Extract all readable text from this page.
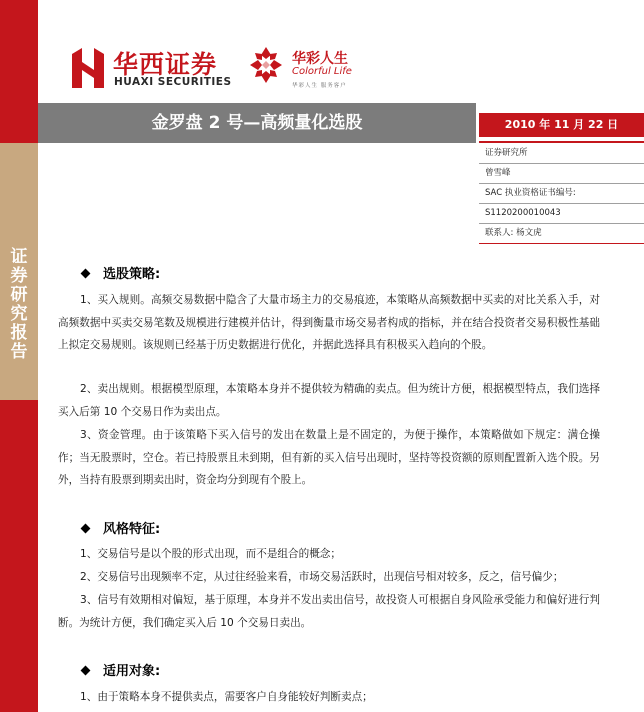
证
券
研
究
报
告
华西证券
HUAXI SECURITIES
华彩人生
Colorful Life
华彩人生 服务客户
金罗盘 2 号—高频量化选股	2010 年 11 月 22 日
证券研究所
曾雪峰
SAC 执业资格证书编号:
S1120200010043
联系人: 杨文虎
选股策略:
1、买入规则。高频交易数据中隐含了大量市场主力的交易痕迹，本策略从高频数据中买卖的对比关系入手，对高频数据中买卖交易笔数及规模进行建模并估计，得到衡量市场交易者构成的指标，并在结合投资者交易积极性基础上拟定交易规则。该规则已经基于历史数据进行优化，并据此选择具有积极买入趋向的个股。
2、卖出规则。根据模型原理，本策略本身并不提供较为精确的卖点。但为统计方便，根据模型特点，我们选择买入后第 10 个交易日作为卖出点。
3、资金管理。由于该策略下买入信号的发出在数量上是不固定的，为便于操作，本策略做如下规定：满仓操作；当无股票时，空仓。若已持股票且未到期，但有新的买入信号出现时，坚持等投资额的原则配置新入选个股。另外，当持有股票到期卖出时，资金均分到现有个股上。
风格特征:
1、交易信号是以个股的形式出现，而不是组合的概念；
2、交易信号出现频率不定，从过往经验来看，市场交易活跃时，出现信号相对较多，反之，信号偏少；
3、信号有效期相对偏短，基于原理，本身并不发出卖出信号，故投资人可根据自身风险承受能力和偏好进行判断。为统计方便，我们确定买入后 10 个交易日卖出。
适用对象:
1、由于策略本身不提供卖点，需要客户自身能较好判断卖点；
